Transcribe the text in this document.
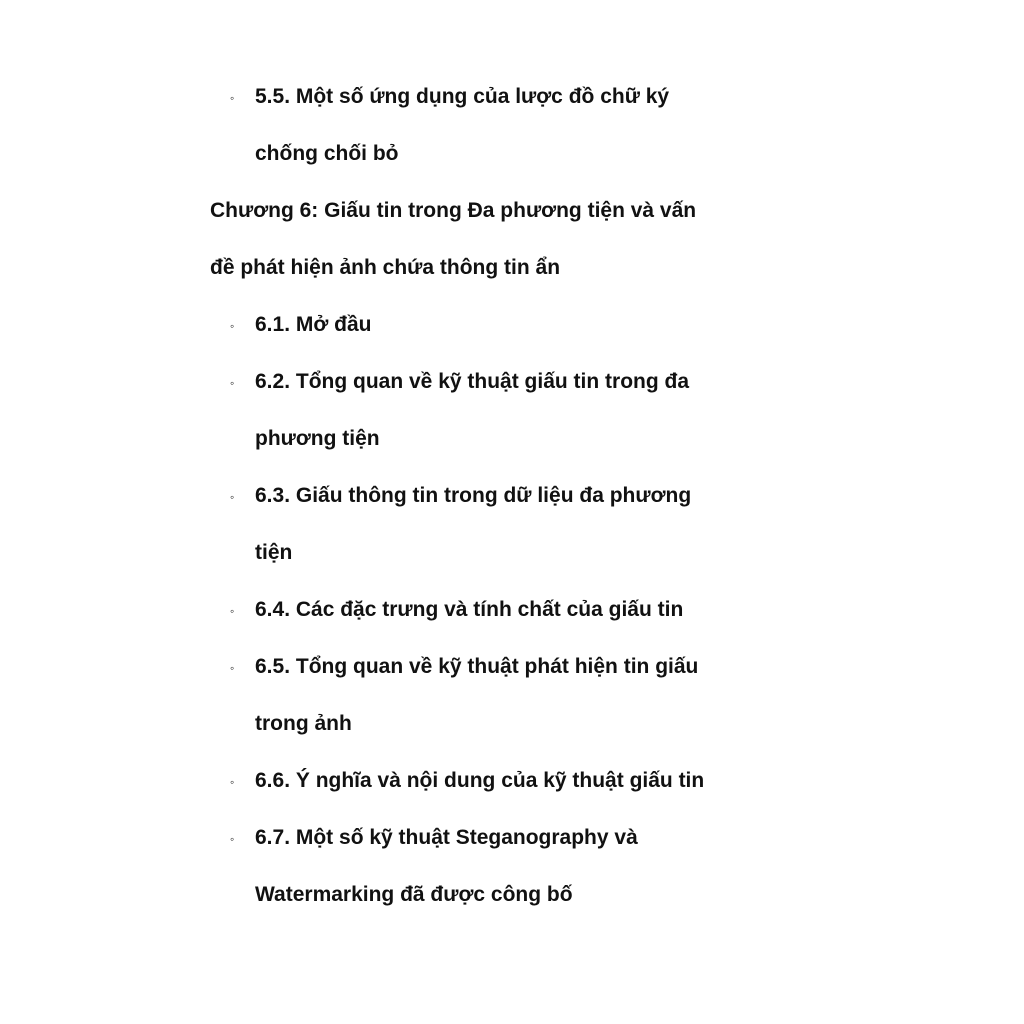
◦ 5.5. Một số ứng dụng của lược đồ chữ ký
chống chối bỏ
Chương 6: Giấu tin trong Đa phương tiện và vấn
đề phát hiện ảnh chứa thông tin ẩn
◦ 6.1. Mở đầu
◦ 6.2. Tổng quan về kỹ thuật giấu tin trong đa
phương tiện
◦ 6.3. Giấu thông tin trong dữ liệu đa phương
tiện
◦ 6.4. Các đặc trưng và tính chất của giấu tin
◦ 6.5. Tổng quan về kỹ thuật phát hiện tin giấu
trong ảnh
◦ 6.6. Ý nghĩa và nội dung của kỹ thuật giấu tin
◦ 6.7. Một số kỹ thuật Steganography và
Watermarking đã được công bố
